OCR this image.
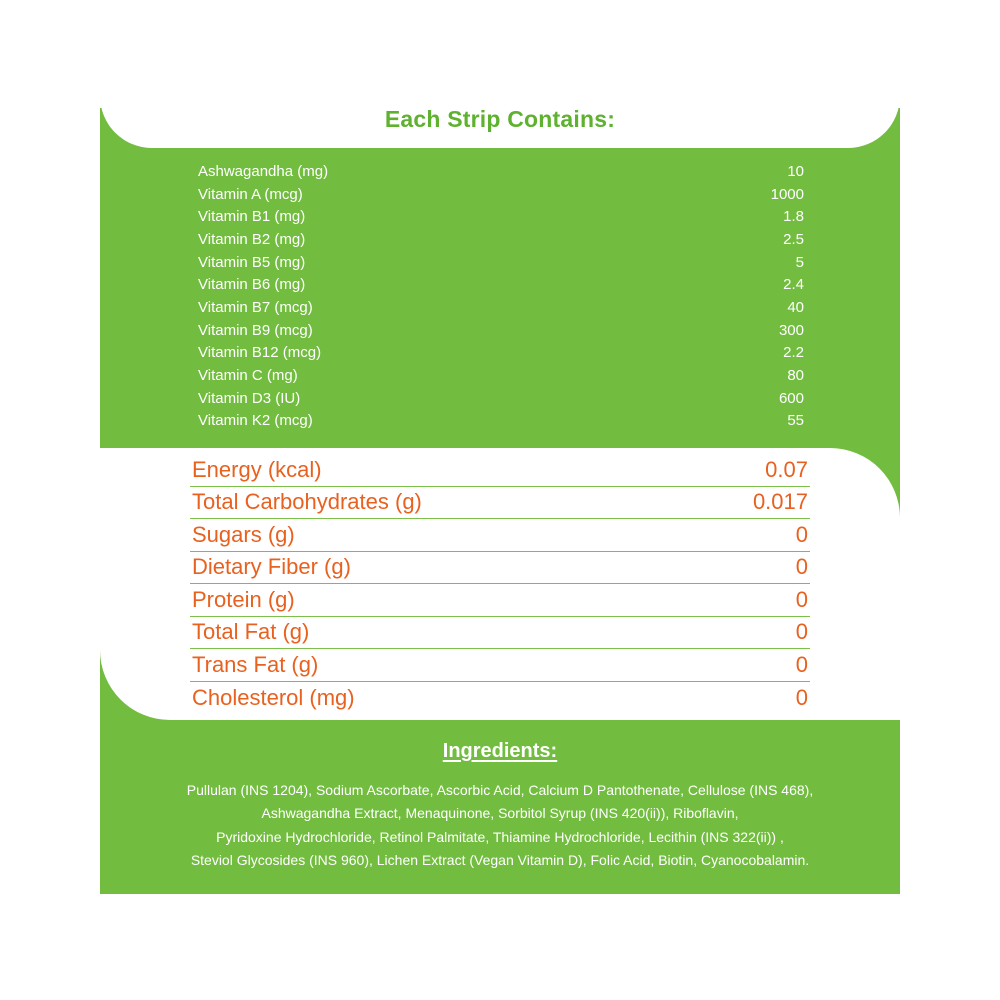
Each Strip Contains:
Ashwagandha (mg)	10
Vitamin A (mcg)	1000
Vitamin B1 (mg)	1.8
Vitamin B2 (mg)	2.5
Vitamin B5 (mg)	5
Vitamin B6 (mg)	2.4
Vitamin B7 (mcg)	40
Vitamin B9 (mcg)	300
Vitamin B12 (mcg)	2.2
Vitamin C (mg)	80
Vitamin D3 (IU)	600
Vitamin K2 (mcg)	55
Energy (kcal)	0.07
Total Carbohydrates (g)	0.017
Sugars (g)	0
Dietary Fiber (g)	0
Protein (g)	0
Total Fat (g)	0
Trans Fat (g)	0
Cholesterol (mg)	0
Ingredients:
Pullulan (INS 1204), Sodium Ascorbate, Ascorbic Acid, Calcium D Pantothenate, Cellulose (INS 468),
Ashwagandha Extract, Menaquinone, Sorbitol Syrup (INS 420(ii)), Riboflavin,
Pyridoxine Hydrochloride, Retinol Palmitate, Thiamine Hydrochloride, Lecithin (INS 322(ii)) ,
Steviol Glycosides (INS 960), Lichen Extract (Vegan Vitamin D), Folic Acid, Biotin, Cyanocobalamin.
